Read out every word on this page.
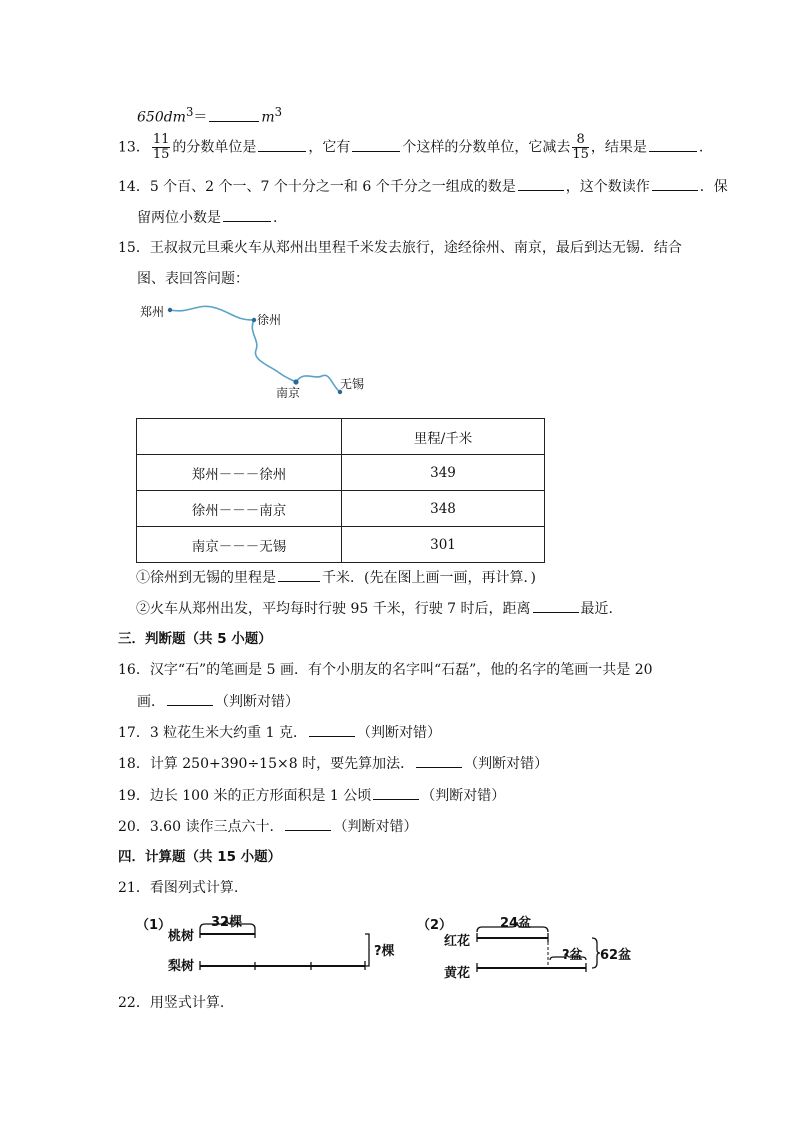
$650dm^3=$	$m^3$
13． $\frac{11}{15}$ 的分数单位是	，它有	个这样的分数单位，它减去 $\frac{8}{15}$ ，结果是	.
14．5 个百、2 个一、7 个十分之一和 6 个千分之一组成的数是	，这个数读作	．保
留两位小数是	.
15．王叔叔元旦乘火车从郑州出里程千米发去旅行，途经徐州、南京，最后到达无锡．结合
图、表回答问题：
郑州
徐州
南京
无锡
	里程/千米
郑州－－－徐州	349
徐州－－－南京	348
南京－－－无锡	301
①徐州到无锡的里程是	千米．(先在图上画一画，再计算．)
②火车从郑州出发，平均每时行驶 95 千米，行驶 7 时后，距离	最近.
三．判断题（共 5 小题）
16．汉字“石”的笔画是 5 画．有个小朋友的名字叫“石磊”，他的名字的笔画一共是 20
画．	（判断对错）
17．3 粒花生米大约重 1 克．	（判断对错）
18．计算 250+390÷15×8 时，要先算加法．	（判断对错）
19．边长 100 米的正方形面积是 1 公顷	（判断对错）
20．3.60 读作三点六十．	（判断对错）
四．计算题（共 15 小题）
21．看图列式计算.
（1）	32棵
桃树
梨树
?棵
（2）	24盆
红花
黄花
?盆 62盆
22．用竖式计算.
